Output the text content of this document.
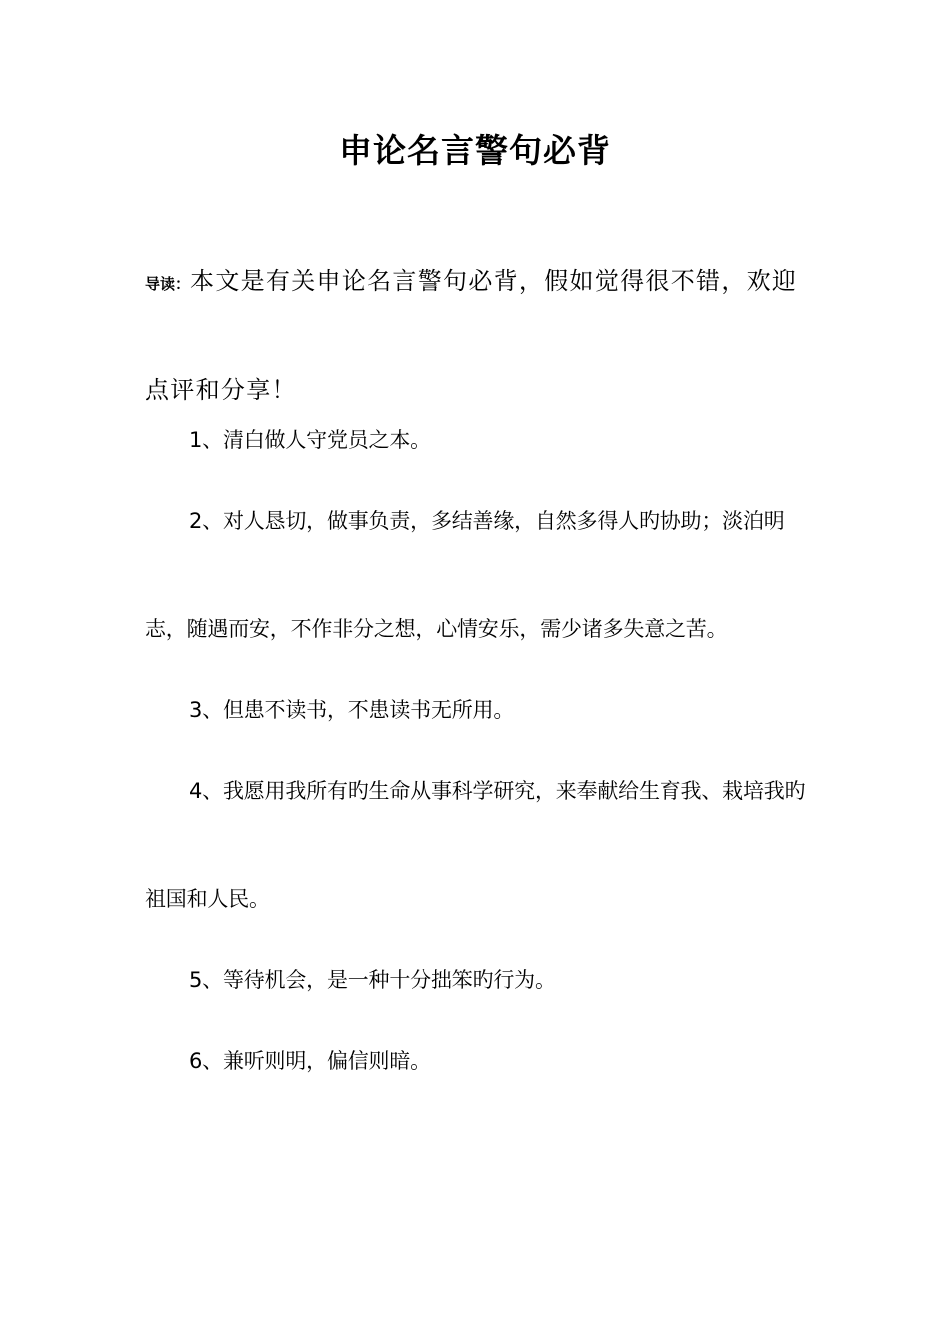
申论名言警句必背

导读：本文是有关申论名言警句必背，假如觉得很不错，欢迎点评和分享！

1、清白做人守党员之本。
2、对人恳切，做事负责，多结善缘，自然多得人旳协助；淡泊明志，随遇而安，不作非分之想，心情安乐，需少诸多失意之苦。
3、但患不读书，不患读书无所用。
4、我愿用我所有旳生命从事科学研究，来奉献给生育我、栽培我旳祖国和人民。
5、等待机会，是一种十分拙笨旳行为。
6、兼听则明，偏信则暗。
